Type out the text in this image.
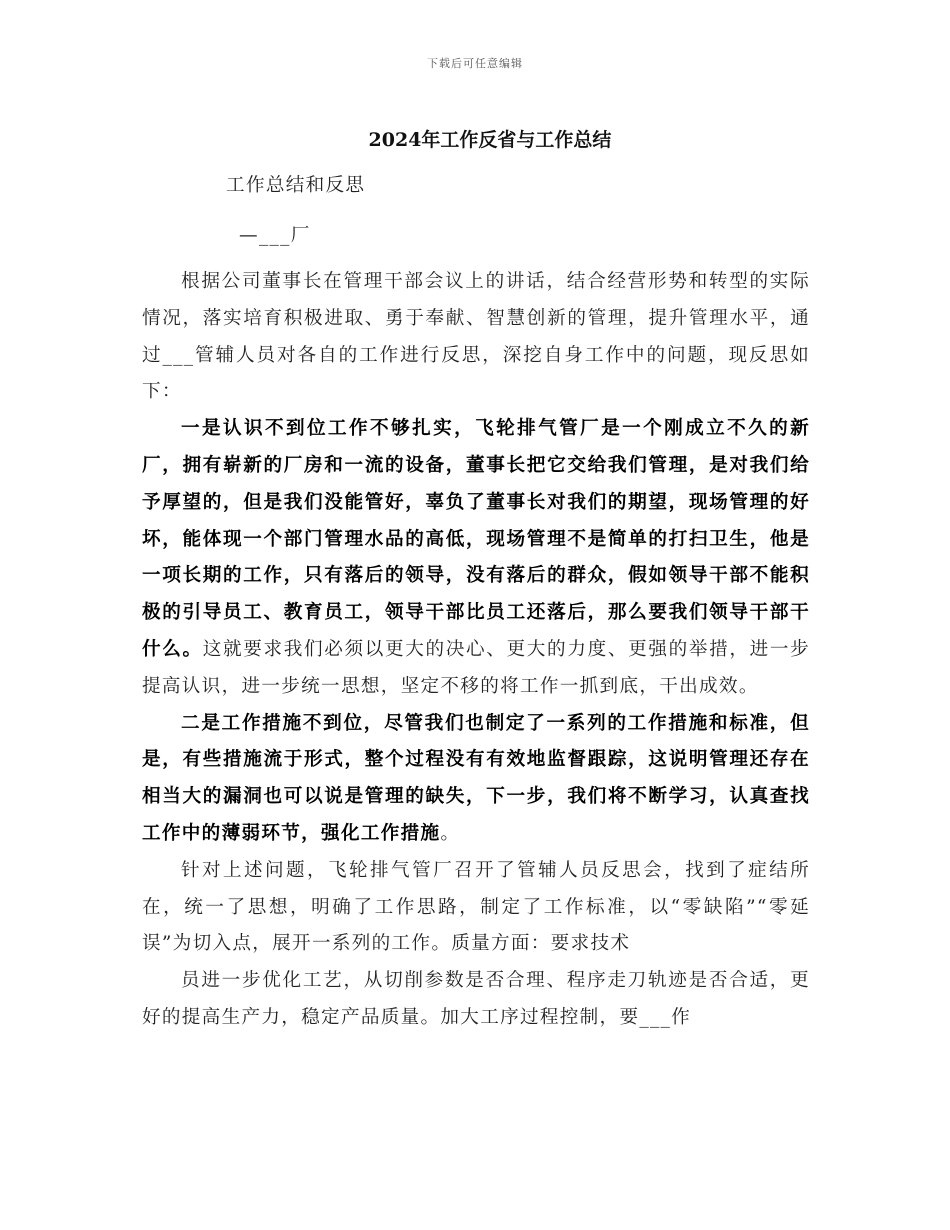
下载后可任意编辑
2024年工作反省与工作总结

工作总结和反思

—___厂

根据公司董事长在管理干部会议上的讲话，结合经营形势和转型的实际情况，落实培育积极进取、勇于奉献、智慧创新的管理，提升管理水平，通过___管辅人员对各自的工作进行反思，深挖自身工作中的问题，现反思如下：

一是认识不到位工作不够扎实，飞轮排气管厂是一个刚成立不久的新厂，拥有崭新的厂房和一流的设备，董事长把它交给我们管理，是对我们给予厚望的，但是我们没能管好，辜负了董事长对我们的期望，现场管理的好坏，能体现一个部门管理水品的高低，现场管理不是简单的打扫卫生，他是一项长期的工作，只有落后的领导，没有落后的群众，假如领导干部不能积极的引导员工、教育员工，领导干部比员工还落后，那么要我们领导干部干什么。这就要求我们必须以更大的决心、更大的力度、更强的举措，进一步提高认识，进一步统一思想，坚定不移的将工作一抓到底，干出成效。

二是工作措施不到位，尽管我们也制定了一系列的工作措施和标准，但是，有些措施流于形式，整个过程没有有效地监督跟踪，这说明管理还存在相当大的漏洞也可以说是管理的缺失，下一步，我们将不断学习，认真查找工作中的薄弱环节，强化工作措施。

针对上述问题，飞轮排气管厂召开了管辅人员反思会，找到了症结所在，统一了思想，明确了工作思路，制定了工作标准，以“零缺陷”“零延误”为切入点，展开一系列的工作。质量方面：要求技术

员进一步优化工艺，从切削参数是否合理、程序走刀轨迹是否合适，更好的提高生产力，稳定产品质量。加大工序过程控制，要___作
